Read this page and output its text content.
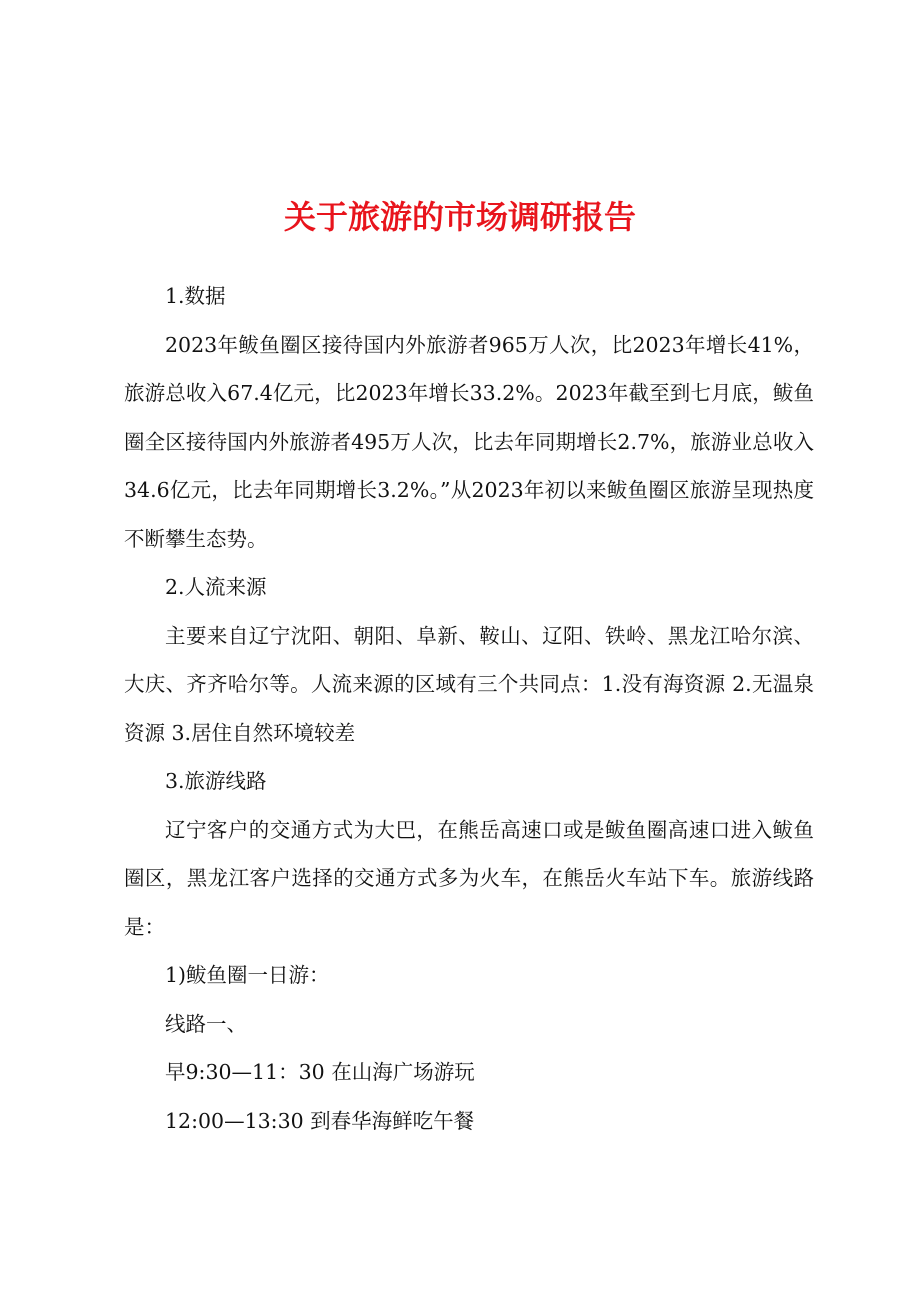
关于旅游的市场调研报告

1.数据

2023年鲅鱼圈区接待国内外旅游者965万人次，比2023年增长41%，旅游总收入67.4亿元，比2023年增长33.2%。2023年截至到七月底，鲅鱼圈全区接待国内外旅游者495万人次，比去年同期增长2.7%，旅游业总收入34.6亿元，比去年同期增长3.2%。”从2023年初以来鲅鱼圈区旅游呈现热度不断攀生态势。

2.人流来源

主要来自辽宁沈阳、朝阳、阜新、鞍山、辽阳、铁岭、黑龙江哈尔滨、大庆、齐齐哈尔等。人流来源的区域有三个共同点：1.没有海资源 2.无温泉资源 3.居住自然环境较差

3.旅游线路

辽宁客户的交通方式为大巴，在熊岳高速口或是鲅鱼圈高速口进入鲅鱼圈区，黑龙江客户选择的交通方式多为火车，在熊岳火车站下车。旅游线路是：

1)鲅鱼圈一日游：

线路一、

早9:30—11：30 在山海广场游玩

12:00—13:30 到春华海鲜吃午餐
